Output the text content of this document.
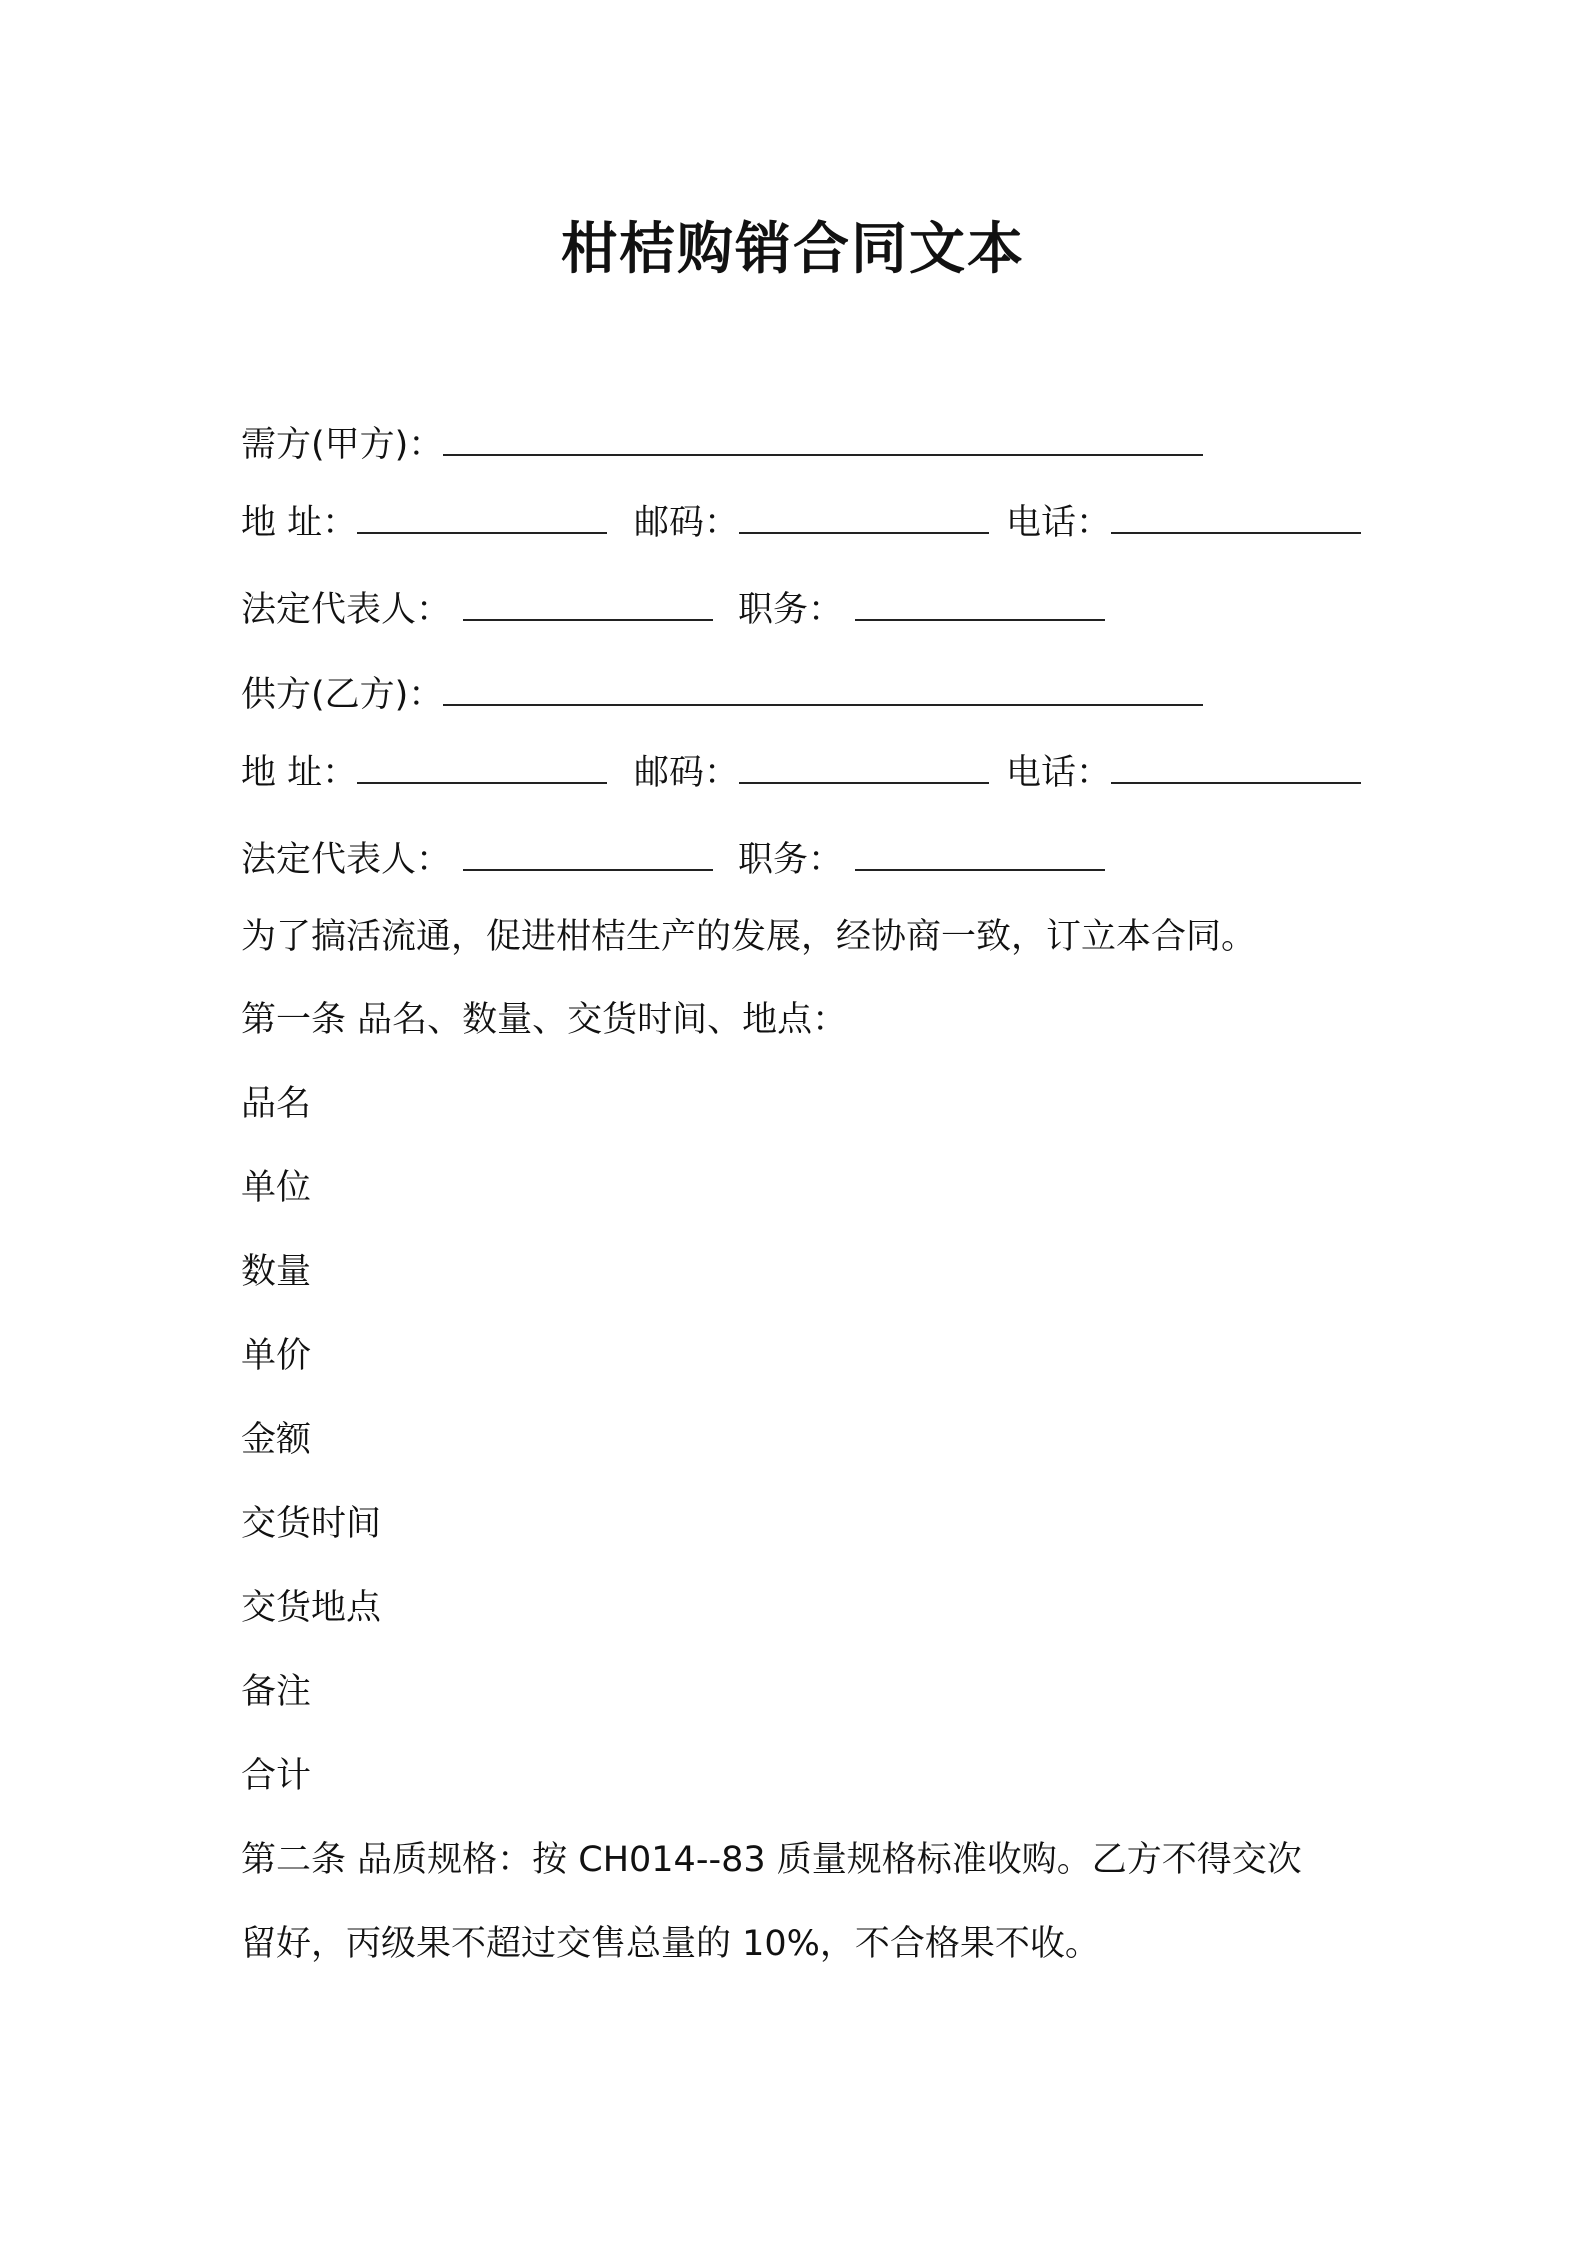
柑桔购销合同文本
需方(甲方)：
地 址：	邮码：	电话：
法定代表人：	职务：
供方(乙方)：
地 址：	邮码：	电话：
法定代表人：	职务：
为了搞活流通，促进柑桔生产的发展，经协商一致，订立本合同。
第一条 品名、数量、交货时间、地点：
品名
单位
数量
单价
金额
交货时间
交货地点
备注
合计
第二条 品质规格：按 CH014--83 质量规格标准收购。乙方不得交次
留好，丙级果不超过交售总量的 10%，不合格果不收。
